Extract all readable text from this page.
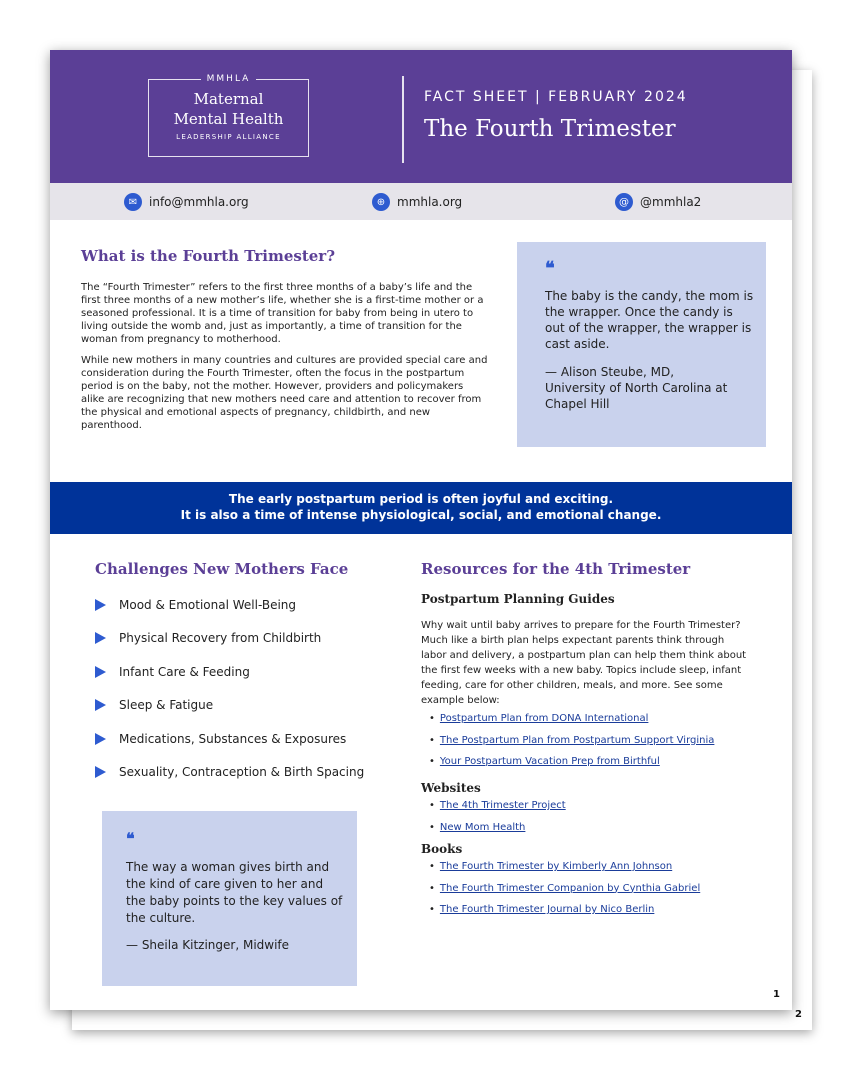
2
MMHLA
Maternal
Mental Health
LEADERSHIP ALLIANCE
FACT SHEET | FEBRUARY 2024
The Fourth Trimester
✉ info@mmhla.org	⊕ mmhla.org	@ @mmhla2
What is the Fourth Trimester?

The “Fourth Trimester” refers to the first three months of a baby’s life and the first three months of a new mother’s life, whether she is a first-time mother or a seasoned professional. It is a time of transition for baby from being in utero to living outside the womb and, just as importantly, a time of transition for the woman from pregnancy to motherhood.

While new mothers in many countries and cultures are provided special care and consideration during the Fourth Trimester, often the focus in the postpartum period is on the baby, not the mother. However, providers and policymakers alike are recognizing that new mothers need care and attention to recover from the physical and emotional aspects of pregnancy, childbirth, and new parenthood.

❝
The baby is the candy, the mom is the wrapper. Once the candy is out of the wrapper, the wrapper is cast aside.
— Alison Steube, MD,
University of North Carolina at Chapel Hill
The early postpartum period is often joyful and exciting.
It is also a time of intense physiological, social, and emotional change.
Challenges New Mothers Face
Mood & Emotional Well-Being
Physical Recovery from Childbirth
Infant Care & Feeding
Sleep & Fatigue
Medications, Substances & Exposures
Sexuality, Contraception & Birth Spacing
❝
The way a woman gives birth and the kind of care given to her and the baby points to the key values of the culture.
— Sheila Kitzinger, Midwife
Resources for the 4th Trimester
Postpartum Planning Guides
Why wait until baby arrives to prepare for the Fourth Trimester? Much like a birth plan helps expectant parents think through labor and delivery, a postpartum plan can help them think about the first few weeks with a new baby. Topics include sleep, infant feeding, care for other children, meals, and more. See some example below:
• Postpartum Plan from DONA International
• The Postpartum Plan from Postpartum Support Virginia
• Your Postpartum Vacation Prep from Birthful
Websites
• The 4th Trimester Project
• New Mom Health
Books
• The Fourth Trimester by Kimberly Ann Johnson
• The Fourth Trimester Companion by Cynthia Gabriel
• The Fourth Trimester Journal by Nico Berlin
1
